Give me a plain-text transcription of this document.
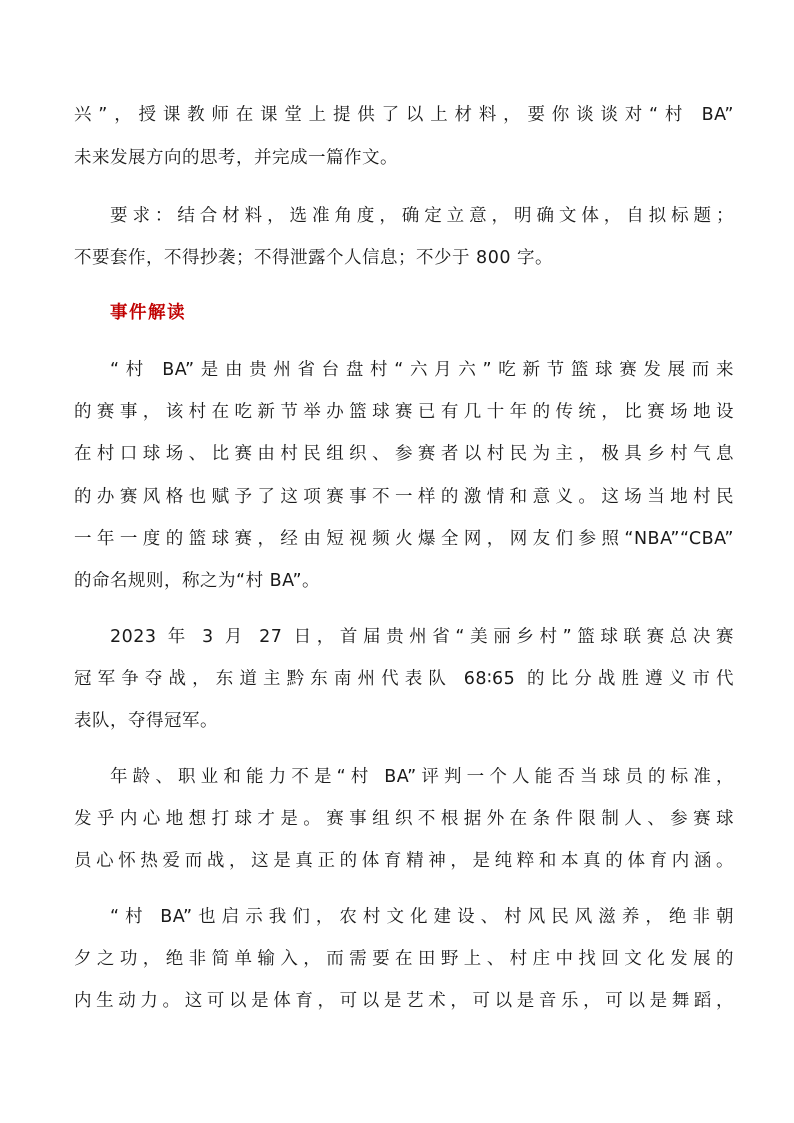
兴”，授课教师在课堂上提供了以上材料，要你谈谈对“村 BA”
未来发展方向的思考，并完成一篇作文。
要求：结合材料，选准角度，确定立意，明确文体，自拟标题；
不要套作，不得抄袭；不得泄露个人信息；不少于 800 字。
事件解读
“村 BA”是由贵州省台盘村“六月六”吃新节篮球赛发展而来
的赛事，该村在吃新节举办篮球赛已有几十年的传统，比赛场地设
在村口球场、比赛由村民组织、参赛者以村民为主，极具乡村气息
的办赛风格也赋予了这项赛事不一样的激情和意义。这场当地村民
一年一度的篮球赛，经由短视频火爆全网，网友们参照“NBA”“CBA”
的命名规则，称之为“村 BA”。
2023 年 3 月 27 日，首届贵州省“美丽乡村”篮球联赛总决赛
冠军争夺战，东道主黔东南州代表队 68∶65 的比分战胜遵义市代
表队，夺得冠军。
年龄、职业和能力不是“村 BA”评判一个人能否当球员的标准，
发乎内心地想打球才是。赛事组织不根据外在条件限制人、参赛球
员心怀热爱而战，这是真正的体育精神，是纯粹和本真的体育内涵。
“村 BA”也启示我们，农村文化建设、村风民风滋养，绝非朝
夕之功，绝非简单输入，而需要在田野上、村庄中找回文化发展的
内生动力。这可以是体育，可以是艺术，可以是音乐，可以是舞蹈，
